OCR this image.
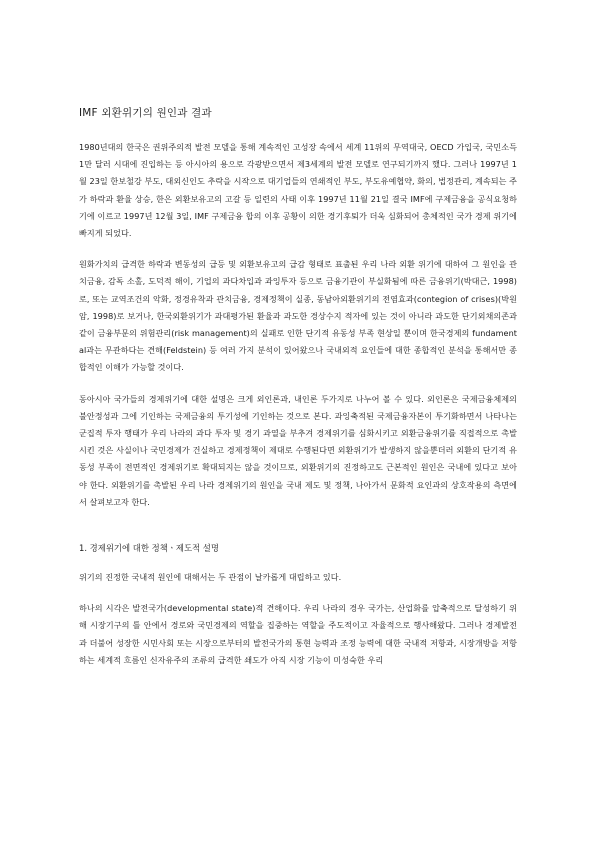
IMF 외환위기의 원인과 결과

1980년대의 한국은 권위주의적 발전 모델을 통해 계속적인 고성장 속에서 세계 11위의 무역대국, OECD 가입국, 국민소득 1만 달러 시대에 진입하는 등 아시아의 용으로 각광받으면서 제3세계의 발전 모델로 연구되기까지 했다. 그러나 1997년 1월 23일 한보철강 부도, 대외신인도 추락을 시작으로 대기업들의 연쇄적인 부도, 부도유예협약, 화의, 법정관리, 계속되는 주가 하락과 환율 상승, 한은 외환보유고의 고갈 등 일련의 사태 이후 1997년 11월 21일 결국 IMF에 구제금융을 공식요청하기에 이르고 1997년 12월 3일, IMF 구제금융 합의 이후 공황이 의한 경기후퇴가 더욱 심화되어 총체적인 국가 경제 위기에 빠지게 되었다.

원화가치의 급격한 하락과 변동성의 급등 및 외환보유고의 급감 형태로 표출된 우리 나라 외환 위기에 대하여 그 원인을 관치금융, 감독 소홀, 도덕적 해이, 기업의 과다차입과 과잉투자 등으로 금융기관이 부실화됨에 따른 금융위기(박대근, 1998)로, 또는 교역조건의 악화, 정경유착과 관치금융, 경제정책이 실종, 동남아외환위기의 전염효과(contegion of crises)(박원암, 1998)로 보거나, 한국외환위기가 과대평가된 환율과 과도한 경상수지 적자에 있는 것이 아니라 과도한 단기외채의존과 같이 금융부문의 위험관리(risk management)의 실패로 인한 단기적 유동성 부족 현상일 뿐이며 한국경제의 fundamental과는 무관하다는 견해(Feldstein) 등 여러 가지 분석이 있어왔으나 국내외적 요인들에 대한 종합적인 분석을 통해서만 종합적인 이해가 가능할 것이다.

동아시아 국가들의 경제위기에 대한 설명은 크게 외인론과, 내인론 두가지로 나누어 볼 수 있다. 외인론은 국제금융체제의 불안정성과 그에 기인하는 국제금융의 투기성에 기인하는 것으로 본다. 과잉축적된 국제금융자본이 투기화하면서 나타나는 군집적 투자 행태가 우리 나라의 과다 투자 및 경기 과열을 부추겨 경제위기를 심화시키고 외환금융위기를 직접적으로 촉발시킨 것은 사실이나 국민경제가 건실하고 경제정책이 제대로 수행된다면 외환위기가 발생하지 않을뿐더러 외환의 단기적 유동성 부족이 전면적인 경제위기로 확대되지는 않을 것이므로, 외환위기의 진정하고도 근본적인 원인은 국내에 있다고 보아야 한다. 외환위기를 촉발된 우리 나라 경제위기의 원인을 국내 제도 및 정책, 나아가서 문화적 요인과의 상호작용의 측면에서 살펴보고자 한다.

1. 경제위기에 대한 정책ㆍ제도적 설명

위기의 진정한 국내적 원인에 대해서는 두 관점이 날카롭게 대립하고 있다.

하나의 시각은 발전국가(developmental state)적 견해이다. 우리 나라의 경우 국가는, 산업화를 압축적으로 달성하기 위해 시장기구의 틀 안에서 경로와 국민경제의 역할을 집중하는 역할을 주도적이고 자율적으로 행사해왔다. 그러나 경제발전과 더불어 성장한 시민사회 또는 시장으로부터의 발전국가의 통현 능력과 조정 능력에 대한 국내적 저항과, 시장개방을 저항하는 세계적 흐름인 신자유주의 조류의 급격한 쇄도가 아직 시장 기능이 미성숙한 우리
